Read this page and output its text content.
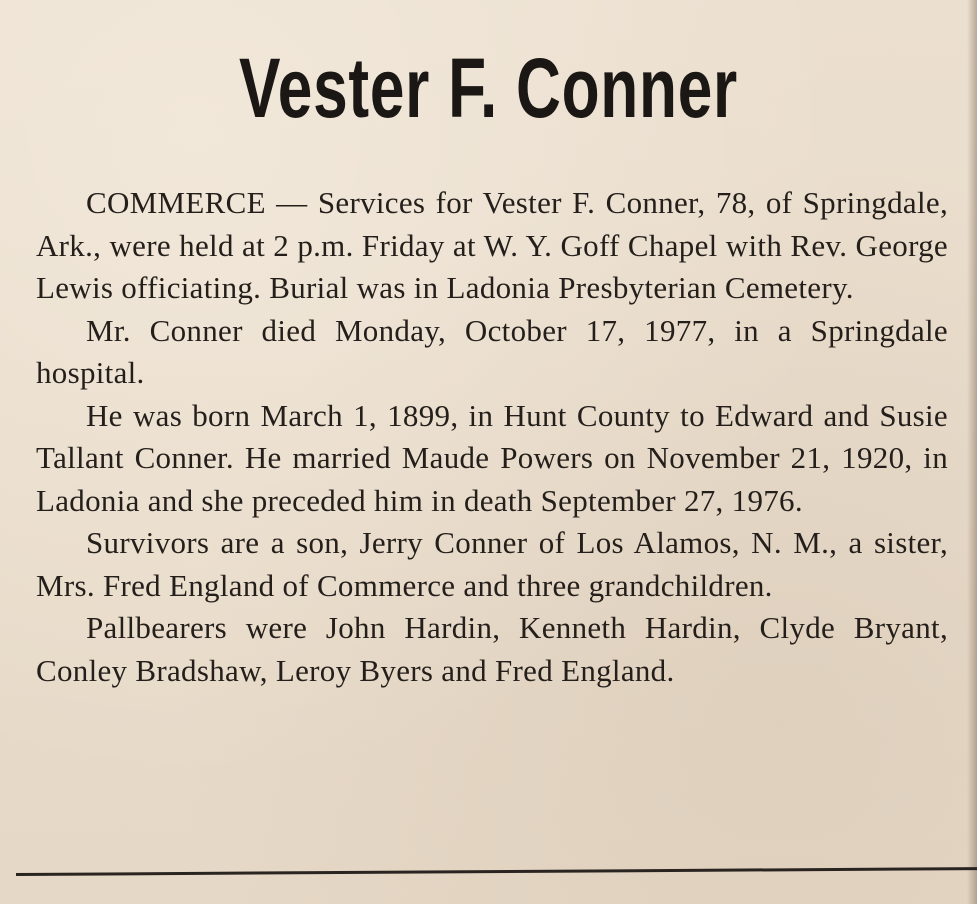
Vester F. Conner

COMMERCE — Services for Vester F. Conner, 78, of Springdale, Ark., were held at 2 p.m. Friday at W. Y. Goff Chapel with Rev. George Lewis officiating. Burial was in Ladonia Presbyterian Cemetery.

Mr. Conner died Monday, October 17, 1977, in a Springdale hospital.

He was born March 1, 1899, in Hunt County to Edward and Susie Tallant Conner. He married Maude Powers on November 21, 1920, in Ladonia and she preceded him in death September 27, 1976.

Survivors are a son, Jerry Conner of Los Alamos, N. M., a sister, Mrs. Fred England of Commerce and three grandchildren.

Pallbearers were John Hardin, Kenneth Hardin, Clyde Bryant, Conley Bradshaw, Leroy Byers and Fred England.
